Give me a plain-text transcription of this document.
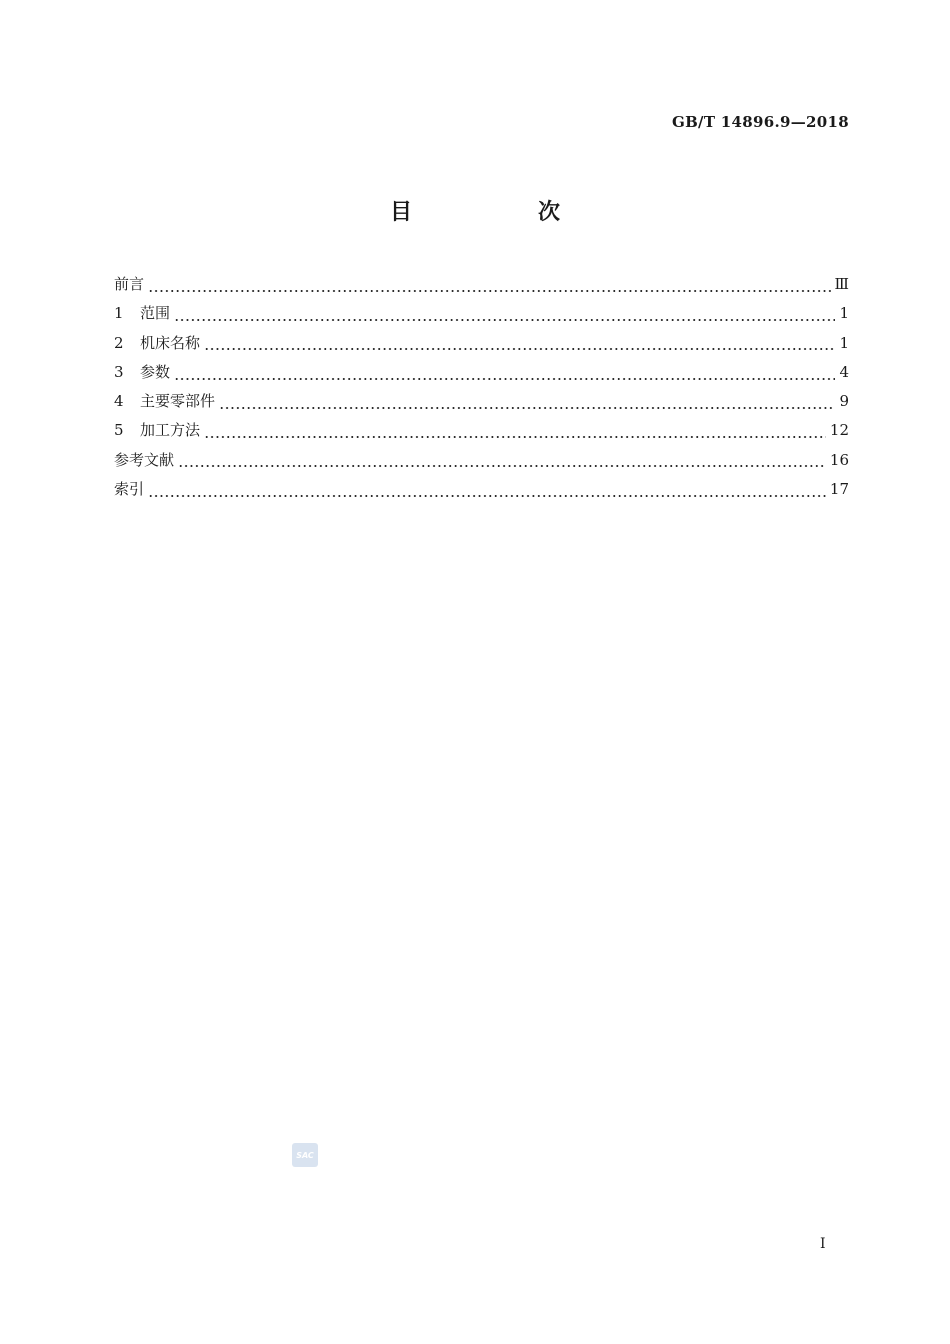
GB/T 14896.9—2018
目　次
前言	Ⅲ
1	范围	1
2	机床名称	1
3	参数	4
4	主要零部件	9
5	加工方法	12
参考文献	16
索引	17
SAC
I
